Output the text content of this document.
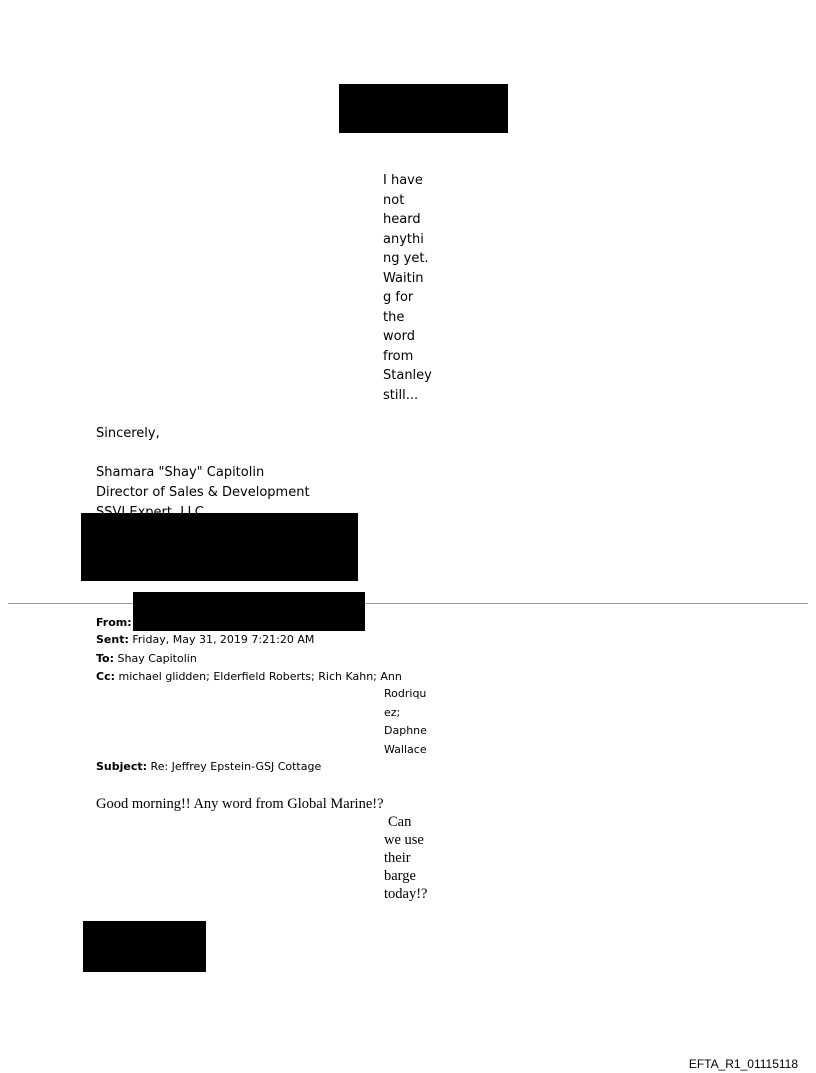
I have
not
heard
anythi
ng yet.
Waitin
g for
the
word
from
Stanley
still...
Sincerely,
Shamara "Shay" Capitolin
Director of Sales & Development
From:
Sent: Friday, May 31, 2019 7:21:20 AM
To: Shay Capitolin
Cc: michael glidden; Elderfield Roberts; Rich Kahn; Ann
Rodriqu
ez;
Daphne
Wallace
Subject: Re: Jeffrey Epstein-GSJ Cottage
Good morning!! Any word from Global Marine!?
Can
we use
their
barge
today!?
EFTA_R1_01115118
